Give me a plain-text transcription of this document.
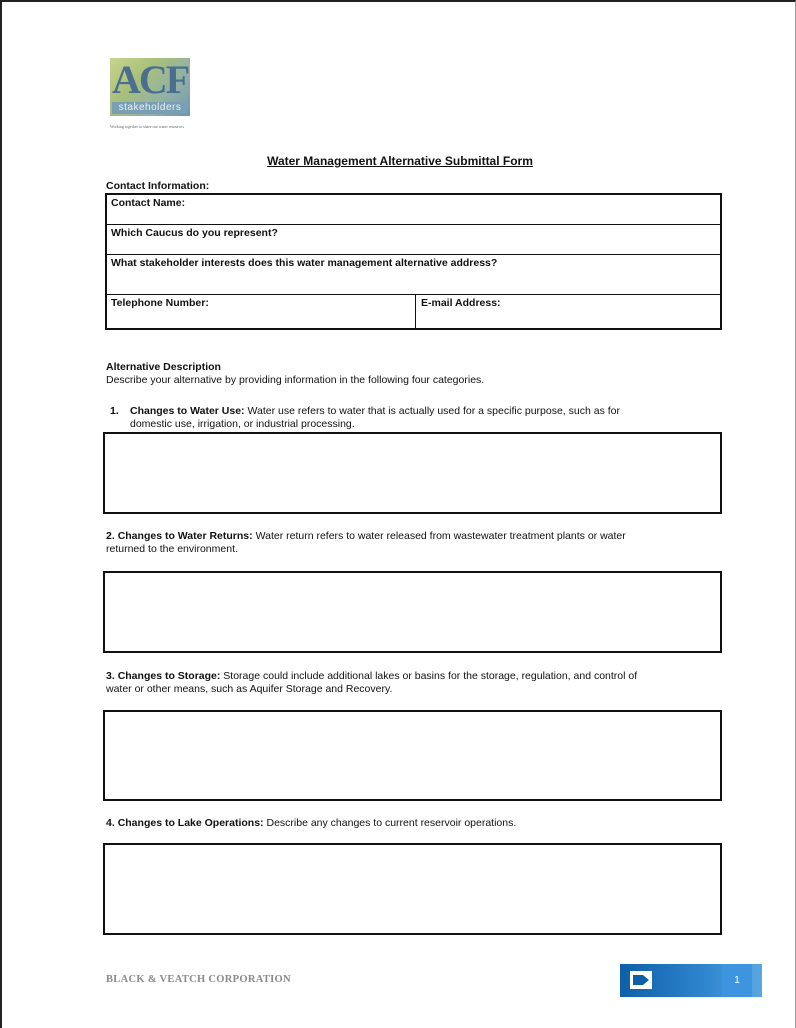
ACF
stakeholders
Working together to share our water resources
Water Management Alternative Submittal Form
Contact Information:
Contact Name:
Which Caucus do you represent?
What stakeholder interests does this water management alternative address?
Telephone Number:	E-mail Address:
Alternative Description
Describe your alternative by providing information in the following four categories.
1. Changes to Water Use: Water use refers to water that is actually used for a specific purpose, such as for
domestic use, irrigation, or industrial processing.
2. Changes to Water Returns: Water return refers to water released from wastewater treatment plants or water
returned to the environment.
3. Changes to Storage: Storage could include additional lakes or basins for the storage, regulation, and control of
water or other means, such as Aquifer Storage and Recovery.
4. Changes to Lake Operations: Describe any changes to current reservoir operations.
BLACK & VEATCH CORPORATION	1
